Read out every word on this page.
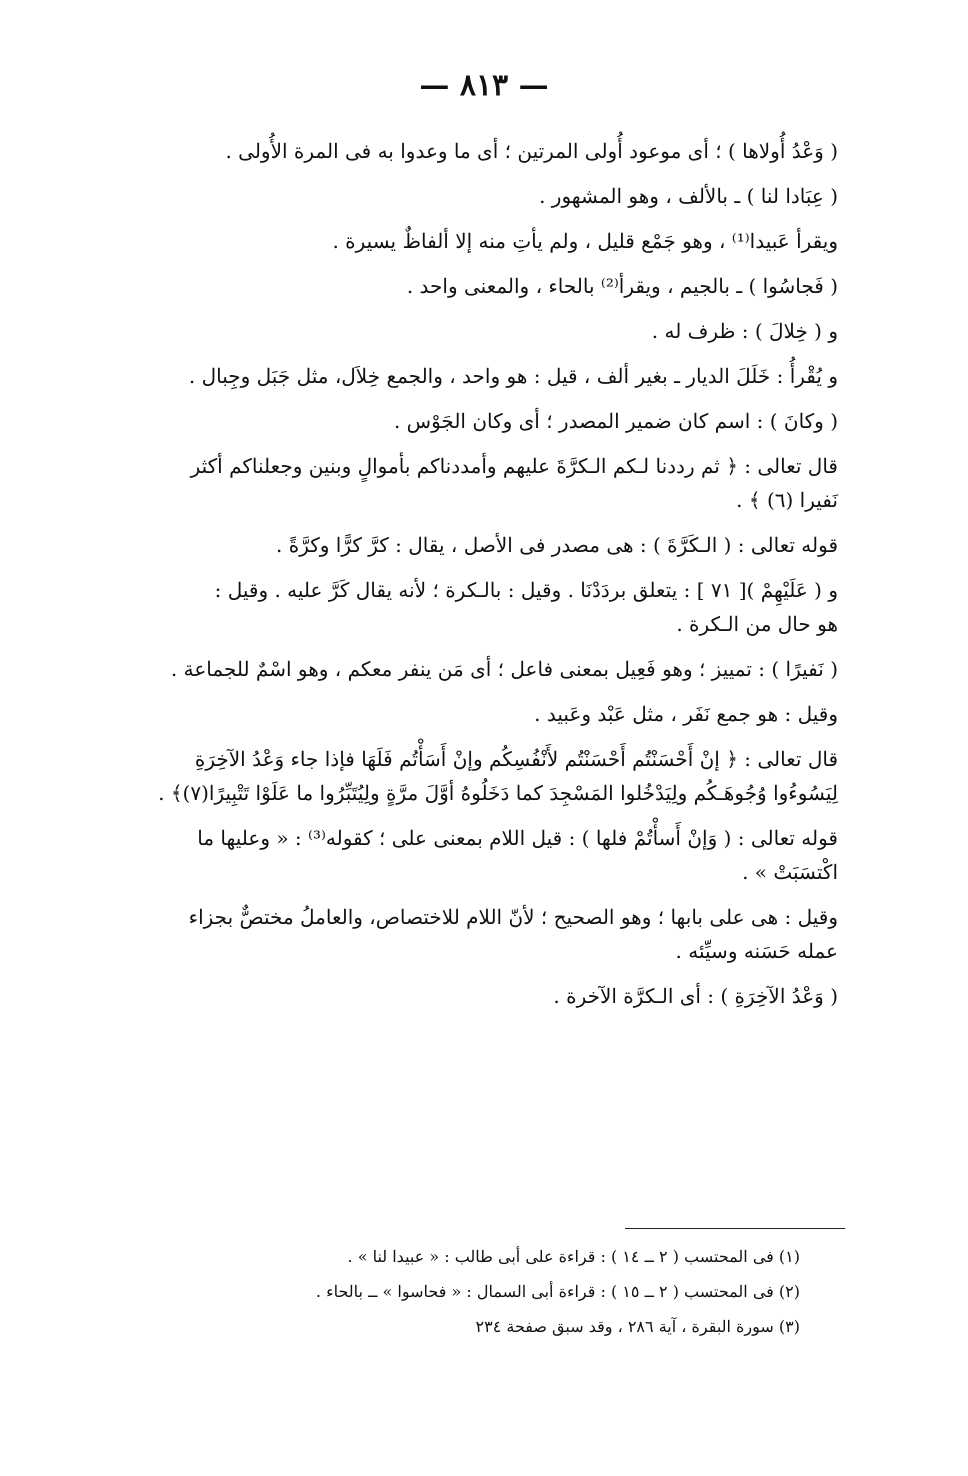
— ٨١٣ —

( وَعْدُ أُولاها ) ؛ أى موعود أُولى المرتين ؛ أى ما وعدوا به فى المرة الأُولى .

( عِبَادا لنا ) ـ بالألف ، وهو المشهور .

ويقرأ عَبيدا⁽¹⁾ ، وهو جَمْع قليل ، ولم يأتِ منه إلا ألفاظٌ يسيرة .

( فَجاسُوا ) ـ بالجيم ، ويقرأ⁽²⁾ بالحاء ، والمعنى واحد .

و ( خِلالَ ) : ظرف له .

و يُقْرأُ : خَلَلَ الديار ـ بغير ألف ، قيل : هو واحد ، والجمع خِلاَل، مثل جَبَل وجِبال .

( وكانَ ) : اسم كان ضمير المصدر ؛ أى وكان الجَوْس .

قال تعالى : ﴿ ثم رددنا لـكم الـكرَّةَ عليهم وأمددناكم بأموالٍ وبنين وجعلناكم أكثر

نَفيرا (٦) ﴾ .

قوله تعالى : ( الـكَرَّةَ ) : هى مصدر فى الأصل ، يقال : كرَّ كرًّا وكرَّةً .

و ( عَلَيْهِمْ )[ ٧١ ] : يتعلق بردَدْنَا . وقيل : بالـكرة ؛ لأنه يقال كَرَّ عليه . وقيل :

هو حال من الـكرة .

( نَفيرًا ) : تمييز ؛ وهو فَعِيل بمعنى فاعل ؛ أى مَن ينفر معكم ، وهو اسْمٌ للجماعة .

وقيل : هو جمع نَفَر ، مثل عَبْد وعَبيد .

قال تعالى : ﴿ إنْ أَحْسَنْتُم أَحْسَنْتُم لأَنْفُسِكُم وإنْ أَسَأْتُم فَلَهَا فإذا جاء وَعْدُ الآخِرَةِ

لِيَسُوءُوا وُجُوهَـكُم ولِيَدْخُلوا المَسْجِدَ كما دَخَلُوهُ أوَّلَ مرَّةٍ ولِيُتَبِّرُوا ما عَلَوْا تَتْبِيرًا(٧)﴾ .

قوله تعالى : ( وَإنْ أَسأْتُمْ فلها ) : قيل اللام بمعنى على ؛ كقوله⁽³⁾ : « وعليها ما

اكْتسَبَتْ » .

وقيل : هى على بابها ؛ وهو الصحيح ؛ لأنّ اللام للاختصاص، والعاملُ مختصٌّ بجزاء

عمله حَسَنه وسيِّئه .

( وَعْدُ الآخِرَةِ ) : أى الـكرَّة الآخرة .

(١) فى المحتسب ( ٢ ــ ١٤ ) : قراءة على أبى طالب : « عبيدا لنا » .

(٢) فى المحتسب ( ٢ ــ ١٥ ) : قراءة أبى السمال : « فحاسوا » ــ بالحاء .

(٣) سورة البقرة ، آية ٢٨٦ ، وقد سبق صفحة ٢٣٤
